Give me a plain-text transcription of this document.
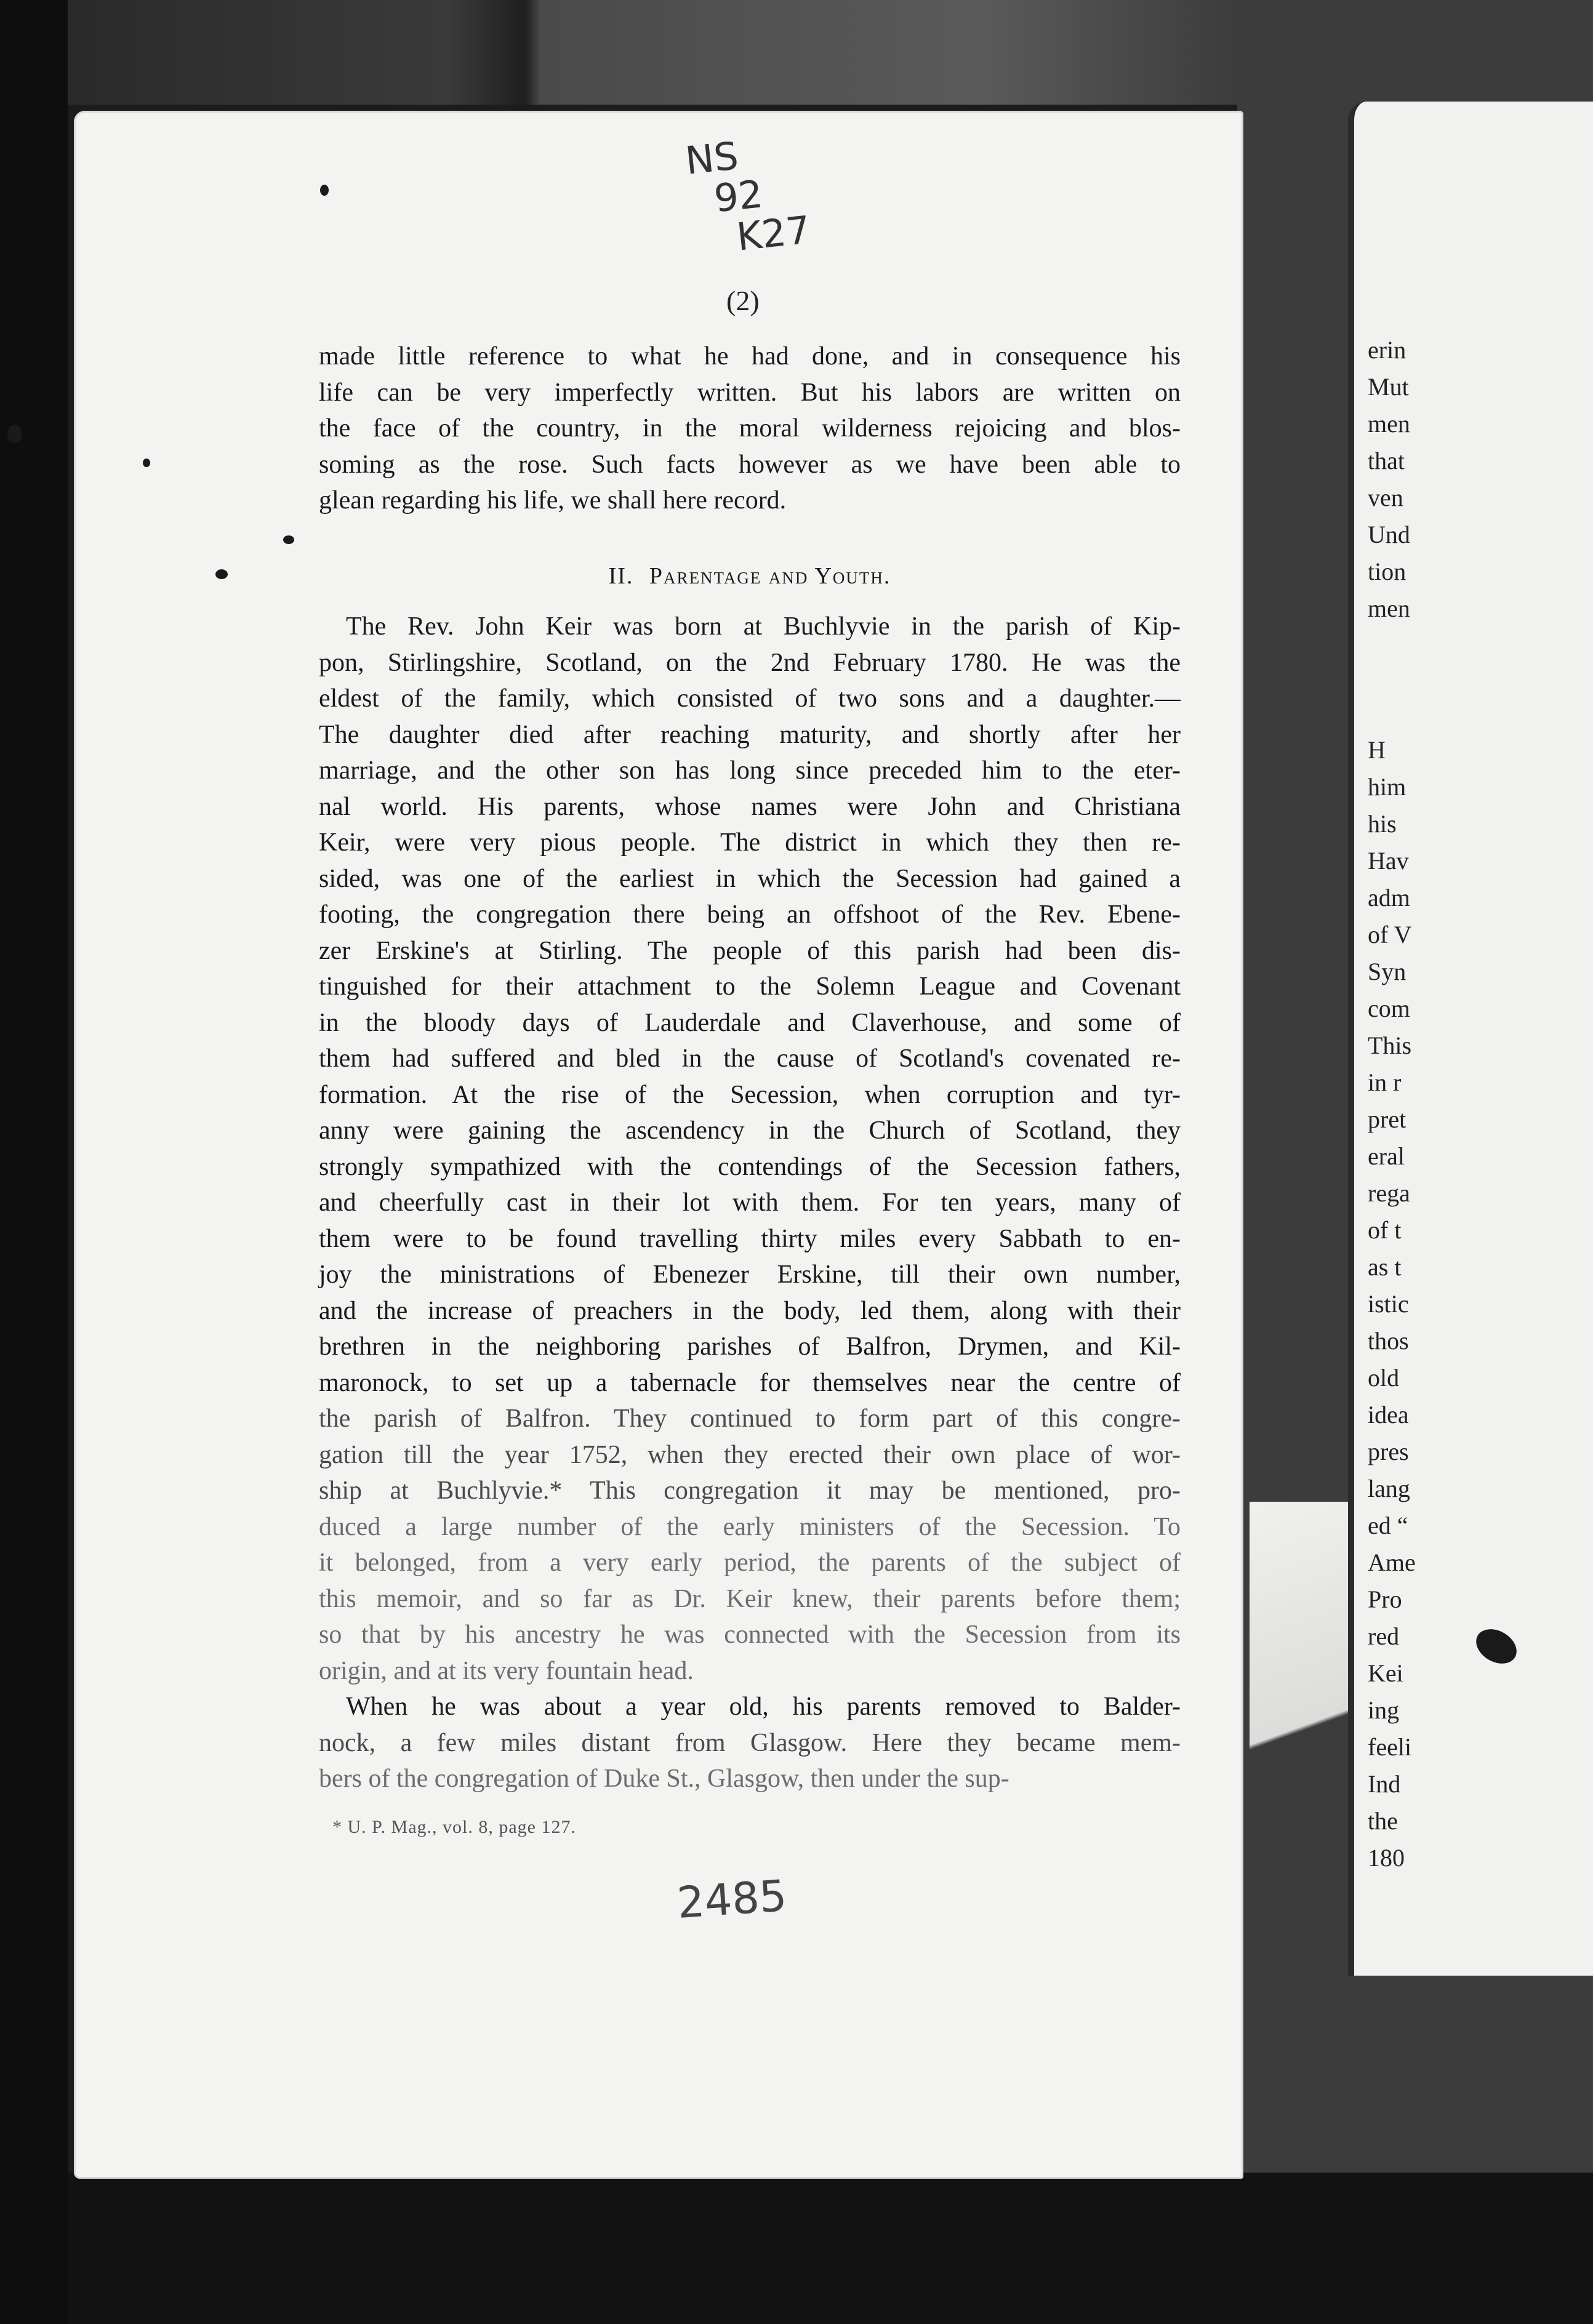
erin
Mut
men
that
ven
Und
tion
men
H
him
his
Hav
adm
of V
Syn
com
This
in r
pret
eral
rega
of t
as t
istic
thos
old
idea
pres
lang
ed “
Ame
Pro
red
Kei
ing
feeli
Ind
the
180
NS
92
K27
(2)

made little reference to what he had done, and in consequence his

life can be very imperfectly written. But his labors are written on

the face of the country, in the moral wilderness rejoicing and blos-

soming as the rose. Such facts however as we have been able to

glean regarding his life, we shall here record.

II. Parentage and Youth.

The Rev. John Keir was born at Buchlyvie in the parish of Kip-

pon, Stirlingshire, Scotland, on the 2nd February 1780. He was the

eldest of the family, which consisted of two sons and a daughter.—

The daughter died after reaching maturity, and shortly after her

marriage, and the other son has long since preceded him to the eter-

nal world. His parents, whose names were John and Christiana

Keir, were very pious people. The district in which they then re-

sided, was one of the earliest in which the Secession had gained a

footing, the congregation there being an offshoot of the Rev. Ebene-

zer Erskine's at Stirling. The people of this parish had been dis-

tinguished for their attachment to the Solemn League and Covenant

in the bloody days of Lauderdale and Claverhouse, and some of

them had suffered and bled in the cause of Scotland's covenated re-

formation. At the rise of the Secession, when corruption and tyr-

anny were gaining the ascendency in the Church of Scotland, they

strongly sympathized with the contendings of the Secession fathers,

and cheerfully cast in their lot with them. For ten years, many of

them were to be found travelling thirty miles every Sabbath to en-

joy the ministrations of Ebenezer Erskine, till their own number,

and the increase of preachers in the body, led them, along with their

brethren in the neighboring parishes of Balfron, Drymen, and Kil-

maronock, to set up a tabernacle for themselves near the centre of

the parish of Balfron. They continued to form part of this congre-

gation till the year 1752, when they erected their own place of wor-

ship at Buchlyvie.* This congregation it may be mentioned, pro-

duced a large number of the early ministers of the Secession. To

it belonged, from a very early period, the parents of the subject of

this memoir, and so far as Dr. Keir knew, their parents before them;

so that by his ancestry he was connected with the Secession from its

origin, and at its very fountain head.

When he was about a year old, his parents removed to Balder-

nock, a few miles distant from Glasgow. Here they became mem-

bers of the congregation of Duke St., Glasgow, then under the sup-

* U. P. Mag., vol. 8, page 127.
2485
